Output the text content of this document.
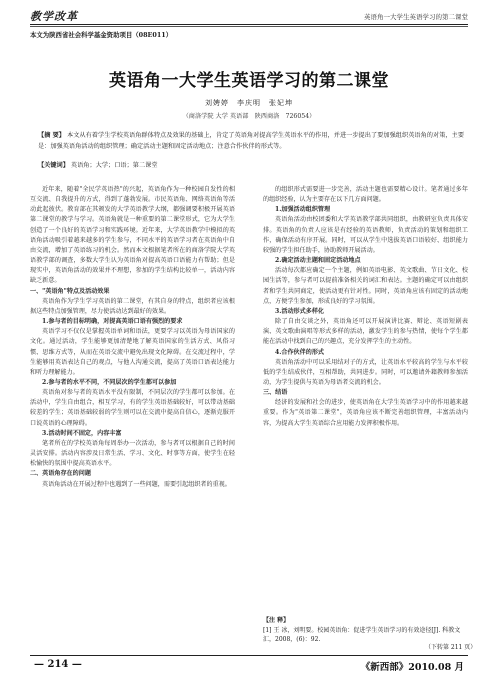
教学改革	英语角一大学生英语学习的第二课堂
本文为陕西省社会科学基金资助项目（08E011）
英语角一大学生英语学习的第二课堂
刘娉婷　李庆明　张妃坤
（商洛学院 大学 英语部　陕西商洛　726054）
【摘 要】 本文从有着学生学校英语角群体特点及效果的基础上，肯定了英语角对提高学生英语水平的作用，并进一步提出了要加强组织英语角的对策，主要是：加强英语角活动的组织管理；确定活动主题和固定活动地点；注意合作伙伴的形式等。
【关键词】 英语角；大学；口语；第二课堂

近年来，随着"全民学英语热"的兴起，英语角作为一种校园自发性的相互交流、自我提升的方式，得到了蓬勃发展。市民英语角、网络英语角等活动此起彼伏。教育部在其颁发的大学英语教学大纲，都强调要积极开展英语第二课堂的教学与学习。英语角就是一种重要的第二课堂形式，它为大学生创造了一个良好的英语学习和实践环境。近年来，大学英语教学中模拟的英语角活动吸引着越来越多的学生参与，不同水平的英语学习者在英语角中自由交流，增加了英语练习的机会。然而本文根据笔者所在的商洛学院大学英语教学部的调查，多数大学生认为英语角对提高英语口语能力有帮助；但是现实中，英语角活动的效果并不理想，参加的学生结构比较单一，活动内容缺乏新意。

一、"英语角"特点及活动效果

英语角作为学生学习英语的第二课堂，有其自身的特点，组织者应该根据这些特点加强管理，尽力使活动达到最好的效果。

1.参与者的目标明确，对提高英语口语有强烈的要求

英语学习不仅仅是掌握英语单词和语法，更要学习以英语为母语国家的文化。通过活动，学生能够更加清楚地了解英语国家的生活方式、风俗习惯、思维方式等，从而在英语交流中避免出现文化障碍。在交流过程中，学生能够用英语表达自己的观点，与他人沟通交流，提高了英语口语表达能力和听力理解能力。

2.参与者的水平不同，不同层次的学生都可以参加

英语角对参与者的英语水平没有限制，不同层次的学生都可以参加。在活动中，学生自由组合，相互学习，有的学生英语基础较好，可以带动基础较差的学生；英语基础较弱的学生则可以在交流中提高自信心，逐渐克服开口说英语的心理障碍。

3.活动时间不固定，内容丰富

笔者所在的学校英语角每周举办一次活动，参与者可以根据自己的时间灵活安排。活动内容涉及日常生活、学习、文化、时事等方面，使学生在轻松愉快的氛围中提高英语水平。

二、英语角存在的问题

英语角活动在开展过程中也遇到了一些问题，需要引起组织者的重视。

的组织形式需要进一步完善，活动主题也需要精心设计。笔者通过多年的组织经验，认为主要存在以下几方面问题。

1.加强活动组织管理

英语角活动由校团委和大学英语教学部共同组织，由教研室负责具体安排。英语角的负责人应该是有经验的英语教师，负责活动的策划和组织工作，确保活动有序开展。同时，可以从学生中选拔英语口语较好、组织能力较强的学生担任助手，协助教师开展活动。

2.确定活动主题和固定活动地点

活动每次都应确定一个主题，例如英语电影、英文歌曲、节日文化、校园生活等，参与者可以提前准备相关的词汇和表达。主题的确定可以由组织者和学生共同商定，使活动更有针对性。同时，英语角应该有固定的活动地点，方便学生参加，形成良好的学习氛围。

3.活动形式多样化

除了自由交谈之外，英语角还可以开展演讲比赛、辩论、英语短剧表演、英文歌曲演唱等形式多样的活动，激发学生的参与热情，使每个学生都能在活动中找到自己的兴趣点，充分发挥学生的主动性。

4.合作伙伴的形式

英语角活动中可以采用结对子的方式，让英语水平较高的学生与水平较低的学生结成伙伴，互相帮助，共同进步。同时，可以邀请外籍教师参加活动，为学生提供与英语为母语者交流的机会。

三、结语

经济的发展和社会的进步，使英语角在大学生英语学习中的作用越来越重要。作为"英语第二课堂"，英语角应该不断完善组织管理，丰富活动内容，为提高大学生英语综合应用能力发挥积极作用。

【注 释】
[1] 王 冰，刘明要。校园英语角：促进学生英语学习的有效途径[J]. 科教文汇，2008，(6)：92.
（下转第 211 页）
— 214 —	《新西部》2010.08 月
